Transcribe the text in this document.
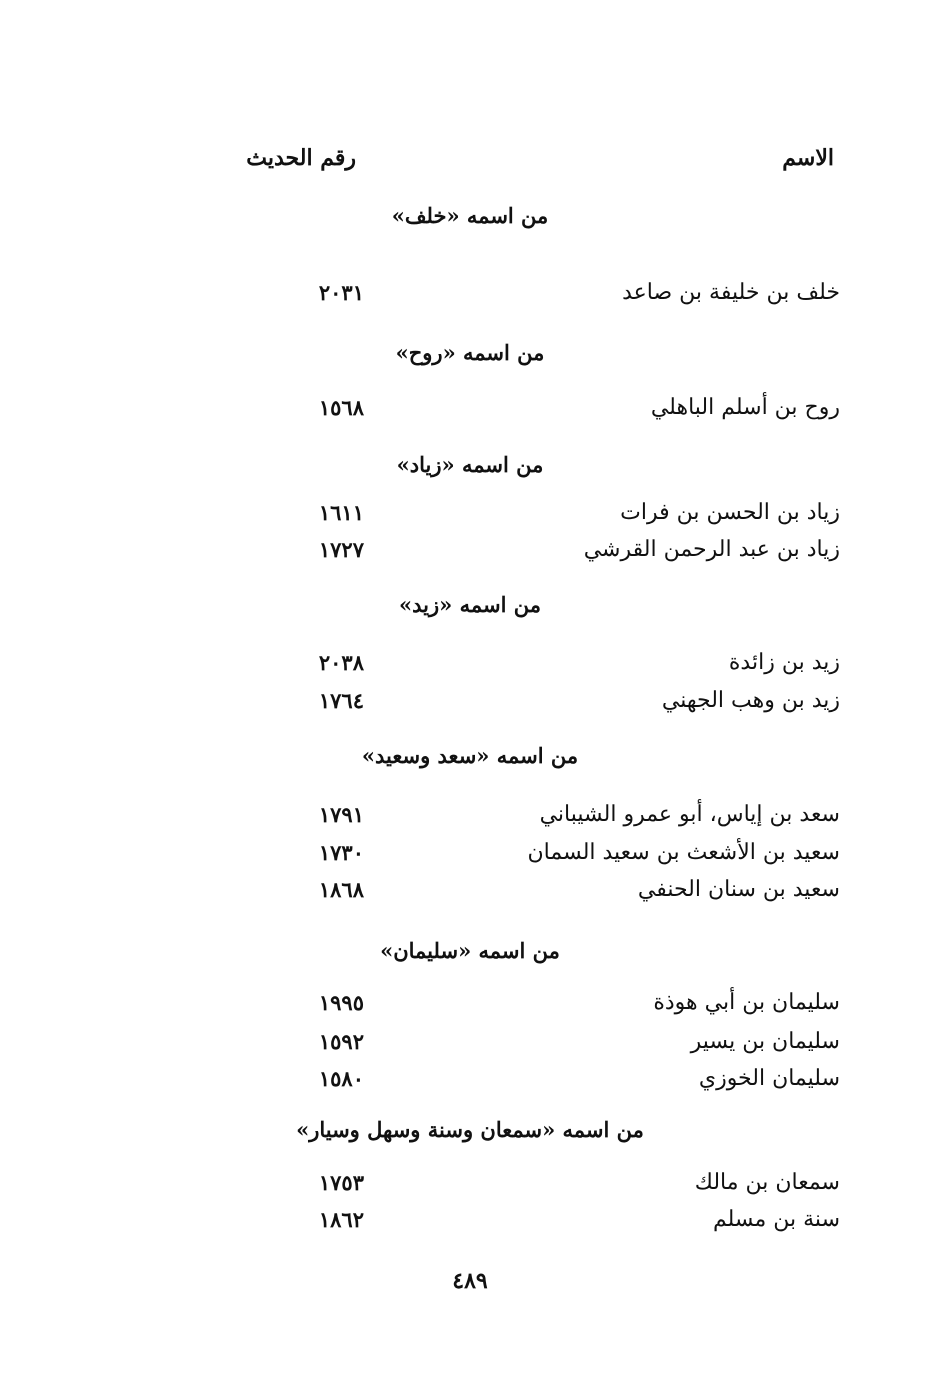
الاسم
رقم الحديث
من اسمه «خلف»
خلف بن خليفة بن صاعد
٢٠٣١
من اسمه «روح»
روح بن أسلم الباهلي
١٥٦٨
من اسمه «زياد»
زياد بن الحسن بن فرات
١٦١١
زياد بن عبد الرحمن القرشي
١٧٢٧
من اسمه «زيد»
زيد بن زائدة
٢٠٣٨
زيد بن وهب الجهني
١٧٦٤
من اسمه «سعد وسعيد»
سعد بن إياس، أبو عمرو الشيباني
١٧٩١
سعيد بن الأشعث بن سعيد السمان
١٧٣٠
سعيد بن سنان الحنفي
١٨٦٨
من اسمه «سليمان»
سليمان بن أبي هوذة
١٩٩٥
سليمان بن يسير
١٥٩٢
سليمان الخوزي
١٥٨٠
من اسمه «سمعان وسنة وسهل وسيار»
سمعان بن مالك
١٧٥٣
سنة بن مسلم
١٨٦٢
٤٨٩
